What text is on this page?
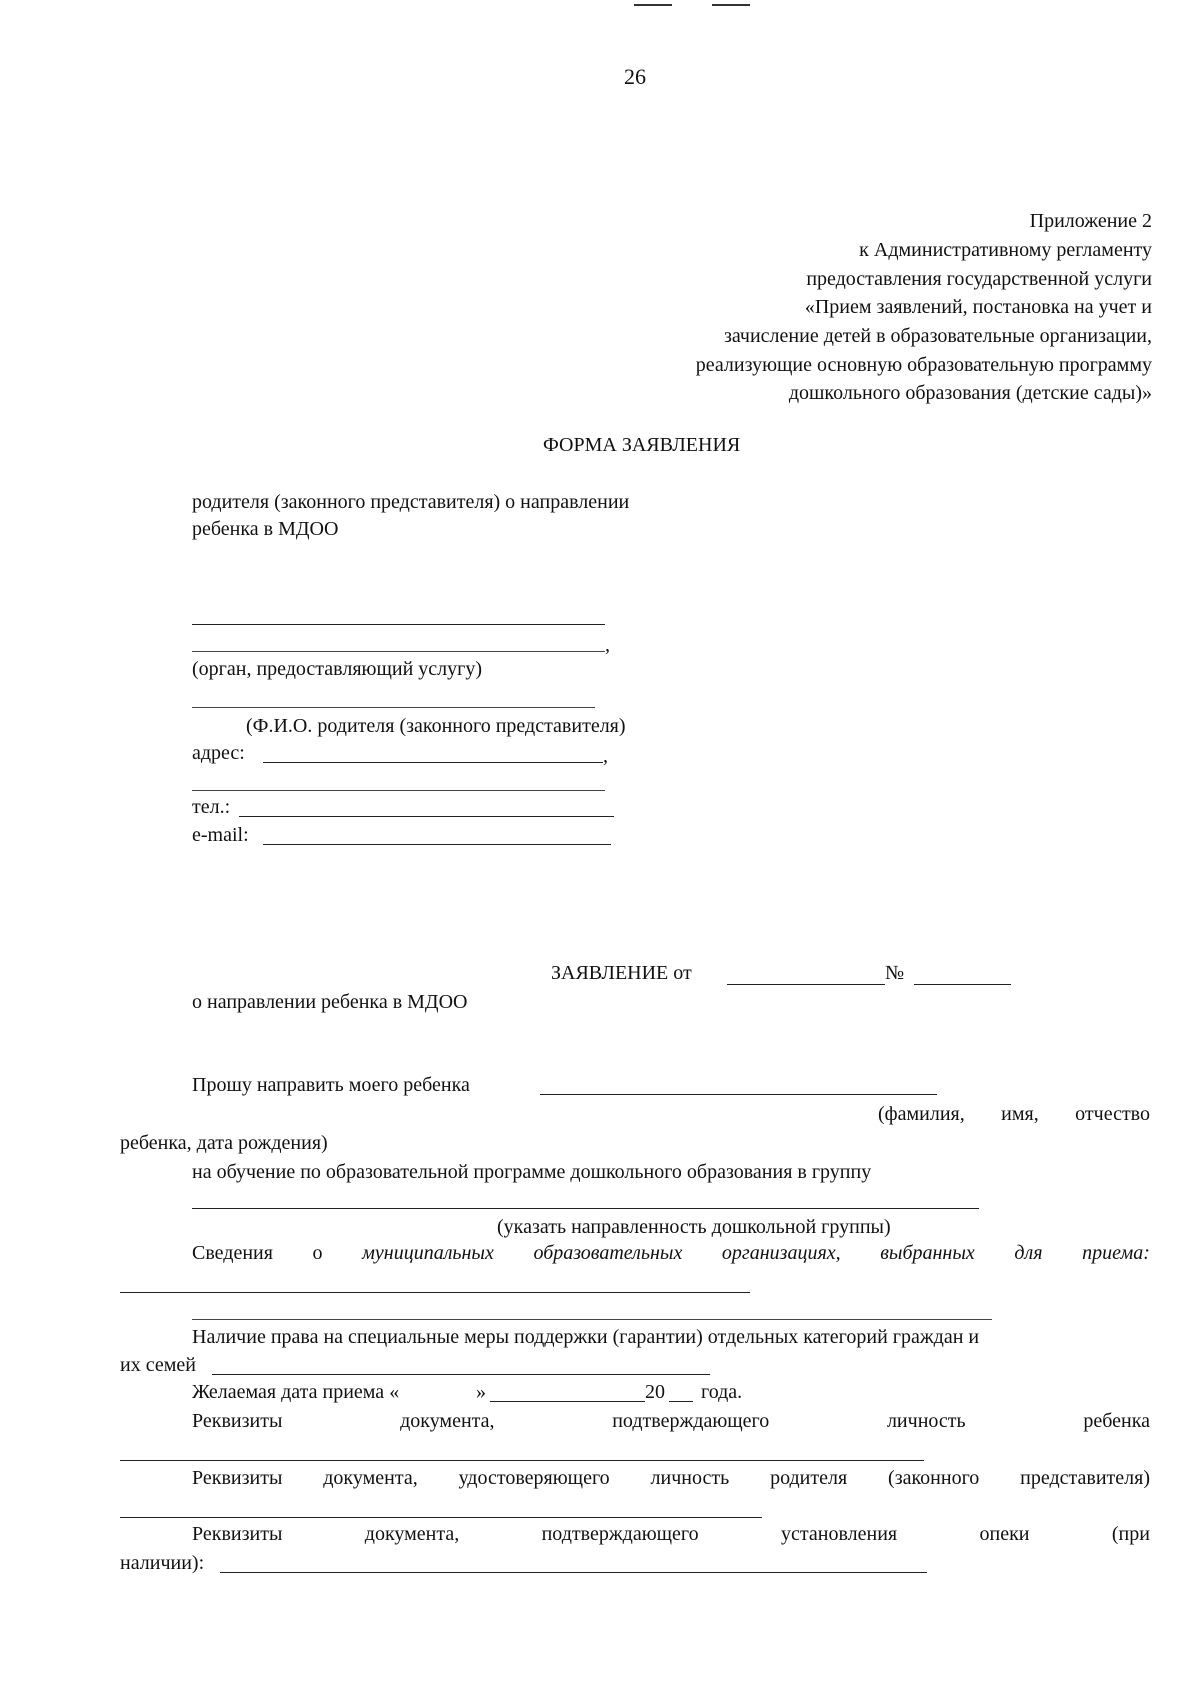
26
Приложение 2
к Административному регламенту
предоставления государственной услуги
«Прием заявлений, постановка на учет и
зачисление детей в образовательные организации,
реализующие основную образовательную программу
дошкольного образования (детские сады)»
ФОРМА ЗАЯВЛЕНИЯ
родителя (законного представителя) о направлении
ребенка в МДОО
,
(орган, предоставляющий услугу)
(Ф.И.О. родителя (законного представителя)
адрес:	,
тел.:
e-mail:
ЗАЯВЛЕНИЕ от	№
о направлении ребенка в МДОО
Прошу направить моего ребенка
(фамилия, имя, отчество
ребенка, дата рождения)
на обучение по образовательной программе дошкольного образования в группу
(указать направленность дошкольной группы)
Сведения о муниципальных образовательных организациях, выбранных для приема:
Наличие права на специальные меры поддержки (гарантии) отдельных категорий граждан и
их семей
Желаемая дата приема «	»	20 года.
Реквизиты	документа,	подтверждающего	личность	ребенка
Реквизиты документа, удостоверяющего личность родителя (законного представителя)
Реквизиты	документа,	подтверждающего	установления	опеки	(при
наличии):
